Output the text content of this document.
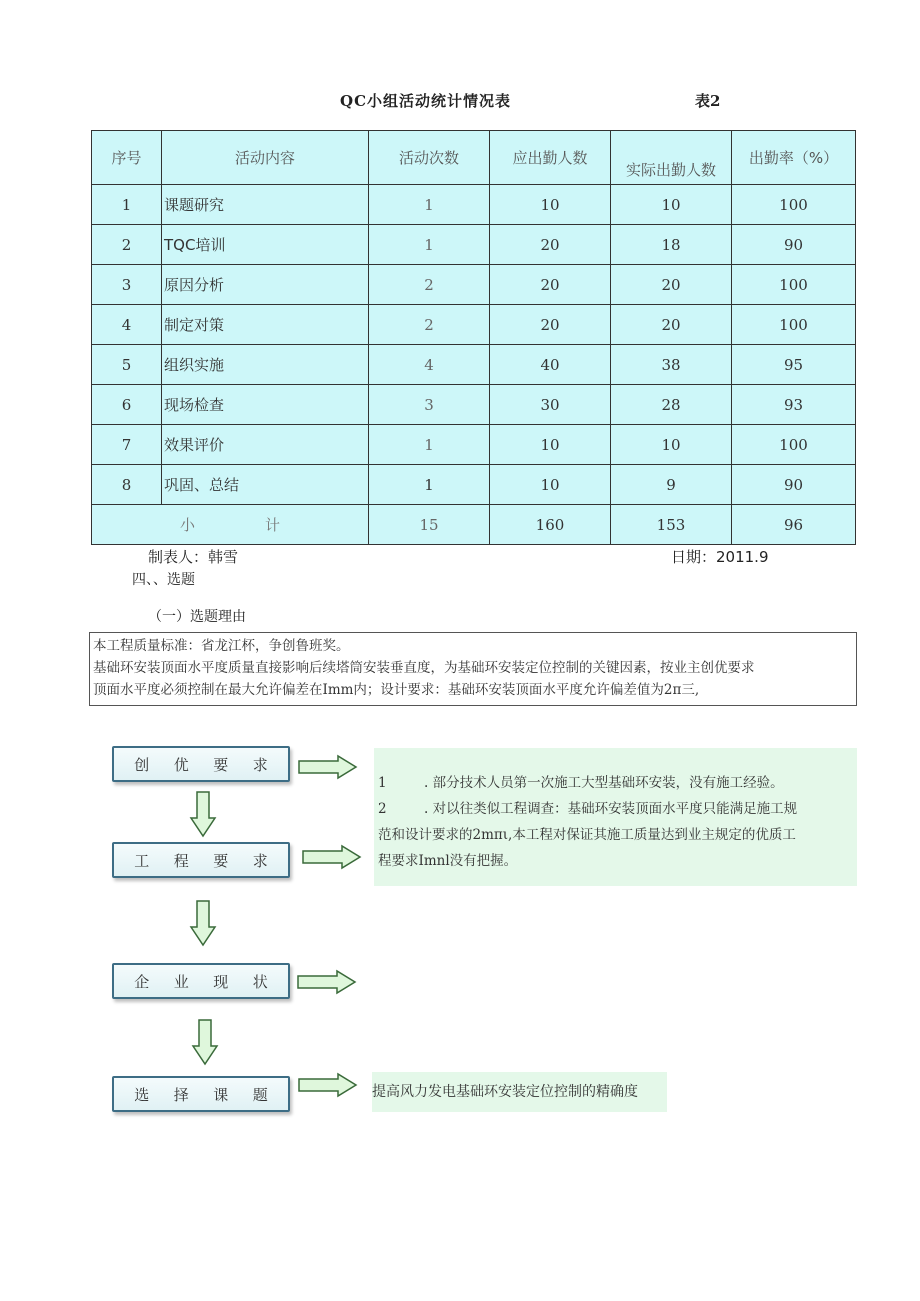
QC小组活动统计情况表	表2
序号	活动内容	活动次数	应出勤人数	实际出勤人数	出勤率（%）
1	课题研究	1	10	10	100
2	TQC培训	1	20	18	90
3	原因分析	2	20	20	100
4	制定对策	2	20	20	100
5	组织实施	4	40	38	95
6	现场检查	3	30	28	93
7	效果评价	1	10	10	100
8	巩固、总结	1	10	9	90
小 计		15	160	153	96
制表人：韩雪	日期：2011.9
四、、选题
（一）选题理由
本工程质量标准：省龙江杯，争创鲁班奖。
基础环安装顶面水平度质量直接影响后续塔筒安装垂直度，为基础环安装定位控制的关键因素，按业主创优要求
顶面水平度必须控制在最大允许偏差在Imm内；设计要求：基础环安装顶面水平度允许偏差值为2π三,
创 优 要 求
工 程 要 求
企 业 现 状
选 择 课 题
1	. 部分技术人员第一次施工大型基础环安装，没有施工经验。
2	. 对以往类似工程调查：基础环安装顶面水平度只能满足施工规
范和设计要求的2mπι,本工程对保证其施工质量达到业主规定的优质工
程要求Imnl没有把握。
提高风力发电基础环安装定位控制的精确度
